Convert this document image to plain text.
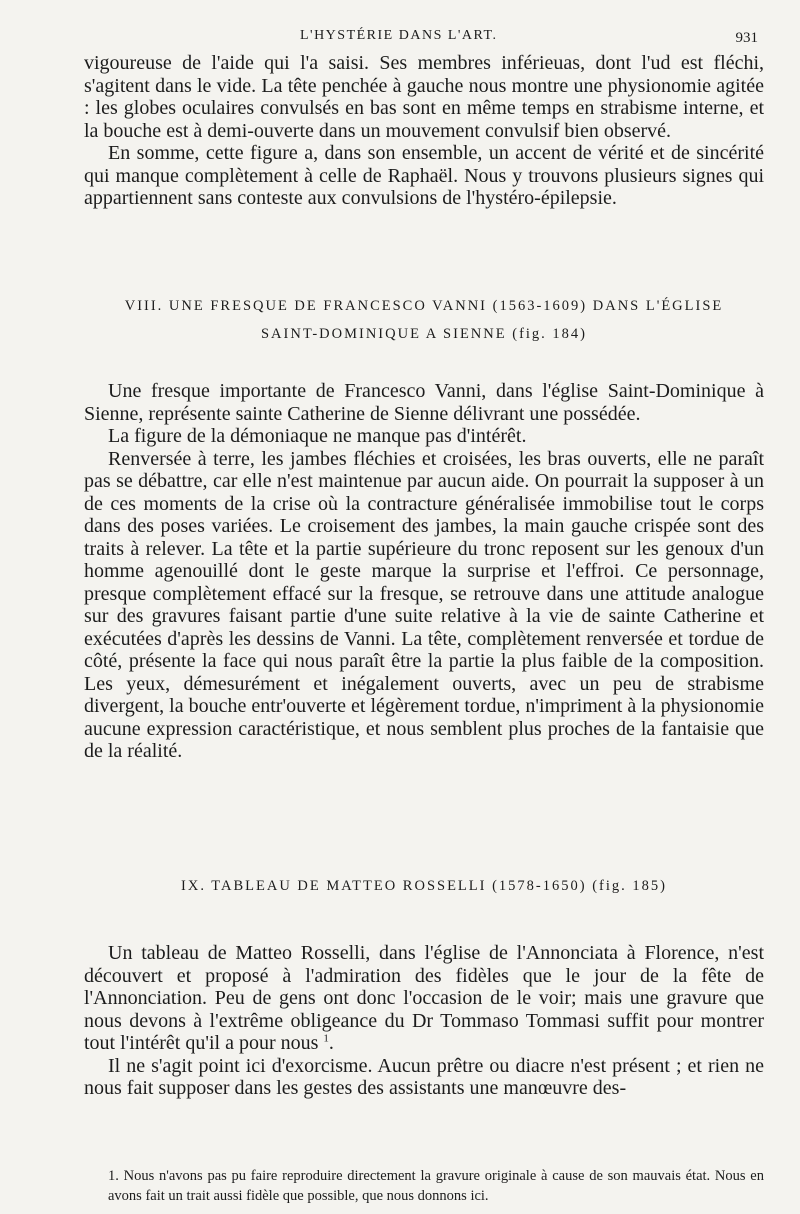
L'HYSTÉRIE DANS L'ART.	931

vigoureuse de l'aide qui l'a saisi. Ses membres inférieuas, dont l'ud est fléchi, s'agitent dans le vide. La tête penchée à gauche nous montre une physionomie agitée : les globes oculaires convulsés en bas sont en même temps en strabisme interne, et la bouche est à demi-ouverte dans un mouvement convulsif bien observé.

En somme, cette figure a, dans son ensemble, un accent de vérité et de sincérité qui manque complètement à celle de Raphaël. Nous y trouvons plusieurs signes qui appartiennent sans conteste aux convulsions de l'hystéro-épilepsie.

VIII. UNE FRESQUE DE FRANCESCO VANNI (1563-1609) DANS L'ÉGLISE
SAINT-DOMINIQUE A SIENNE (fig. 184)

Une fresque importante de Francesco Vanni, dans l'église Saint-Dominique à Sienne, représente sainte Catherine de Sienne délivrant une possédée.

La figure de la démoniaque ne manque pas d'intérêt.

Renversée à terre, les jambes fléchies et croisées, les bras ouverts, elle ne paraît pas se débattre, car elle n'est maintenue par aucun aide. On pourrait la supposer à un de ces moments de la crise où la contracture généralisée immobilise tout le corps dans des poses variées. Le croisement des jambes, la main gauche crispée sont des traits à relever. La tête et la partie supérieure du tronc reposent sur les genoux d'un homme agenouillé dont le geste marque la surprise et l'effroi. Ce personnage, presque complètement effacé sur la fresque, se retrouve dans une attitude analogue sur des gravures faisant partie d'une suite relative à la vie de sainte Catherine et exécutées d'après les dessins de Vanni. La tête, complètement renversée et tordue de côté, présente la face qui nous paraît être la partie la plus faible de la composition. Les yeux, démesurément et inégalement ouverts, avec un peu de strabisme divergent, la bouche entr'ouverte et légèrement tordue, n'impriment à la physionomie aucune expression caractéristique, et nous semblent plus proches de la fantaisie que de la réalité.

IX. TABLEAU DE MATTEO ROSSELLI (1578-1650) (fig. 185)

Un tableau de Matteo Rosselli, dans l'église de l'Annonciata à Florence, n'est découvert et proposé à l'admiration des fidèles que le jour de la fête de l'Annonciation. Peu de gens ont donc l'occasion de le voir; mais une gravure que nous devons à l'extrême obligeance du Dr Tommaso Tommasi suffit pour montrer tout l'intérêt qu'il a pour nous $^1$.

Il ne s'agit point ici d'exorcisme. Aucun prêtre ou diacre n'est présent ; et rien ne nous fait supposer dans les gestes des assistants une manœuvre des-

1. Nous n'avons pas pu faire reproduire directement la gravure originale à cause de son mauvais état. Nous en avons fait un trait aussi fidèle que possible, que nous donnons ici.
